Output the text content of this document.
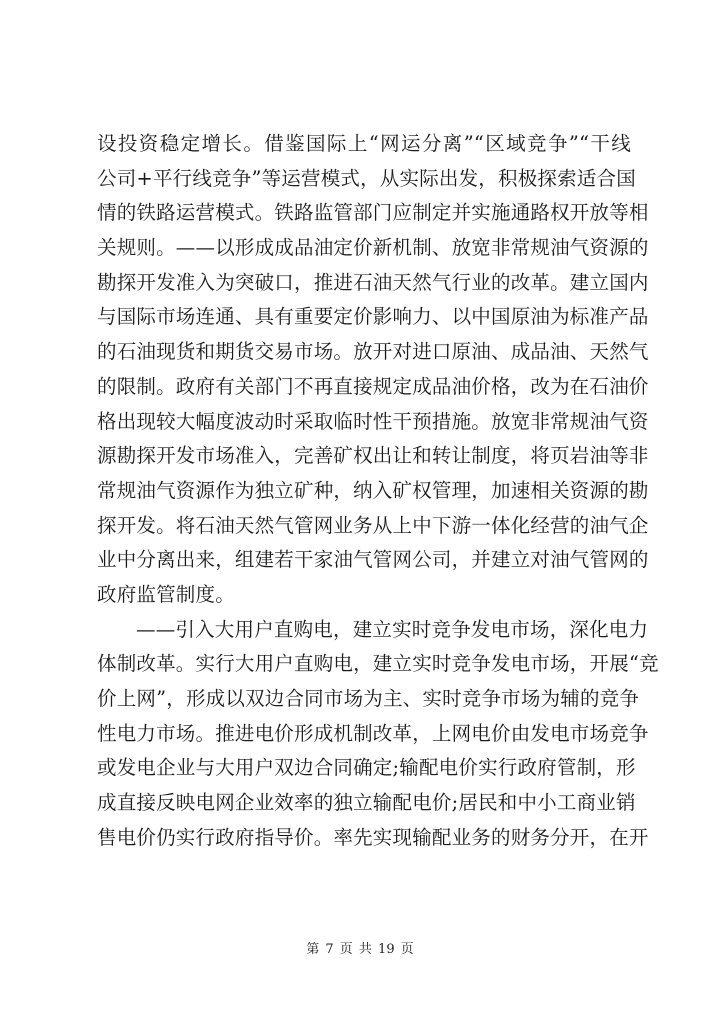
设投资稳定增长。借鉴国际上“网运分离”“区域竞争”“干线
公司+平行线竞争”等运营模式，从实际出发，积极探索适合国
情的铁路运营模式。铁路监管部门应制定并实施通路权开放等相
关规则。——以形成成品油定价新机制、放宽非常规油气资源的
勘探开发准入为突破口，推进石油天然气行业的改革。建立国内
与国际市场连通、具有重要定价影响力、以中国原油为标准产品
的石油现货和期货交易市场。放开对进口原油、成品油、天然气
的限制。政府有关部门不再直接规定成品油价格，改为在石油价
格出现较大幅度波动时采取临时性干预措施。放宽非常规油气资
源勘探开发市场准入，完善矿权出让和转让制度，将页岩油等非
常规油气资源作为独立矿种，纳入矿权管理，加速相关资源的勘
探开发。将石油天然气管网业务从上中下游一体化经营的油气企
业中分离出来，组建若干家油气管网公司，并建立对油气管网的
政府监管制度。
——引入大用户直购电，建立实时竞争发电市场，深化电力
体制改革。实行大用户直购电，建立实时竞争发电市场，开展“竞
价上网”，形成以双边合同市场为主、实时竞争市场为辅的竞争
性电力市场。推进电价形成机制改革，上网电价由发电市场竞争
或发电企业与大用户双边合同确定;输配电价实行政府管制，形
成直接反映电网企业效率的独立输配电价;居民和中小工商业销
售电价仍实行政府指导价。率先实现输配业务的财务分开，在开
第 7 页 共 19 页
